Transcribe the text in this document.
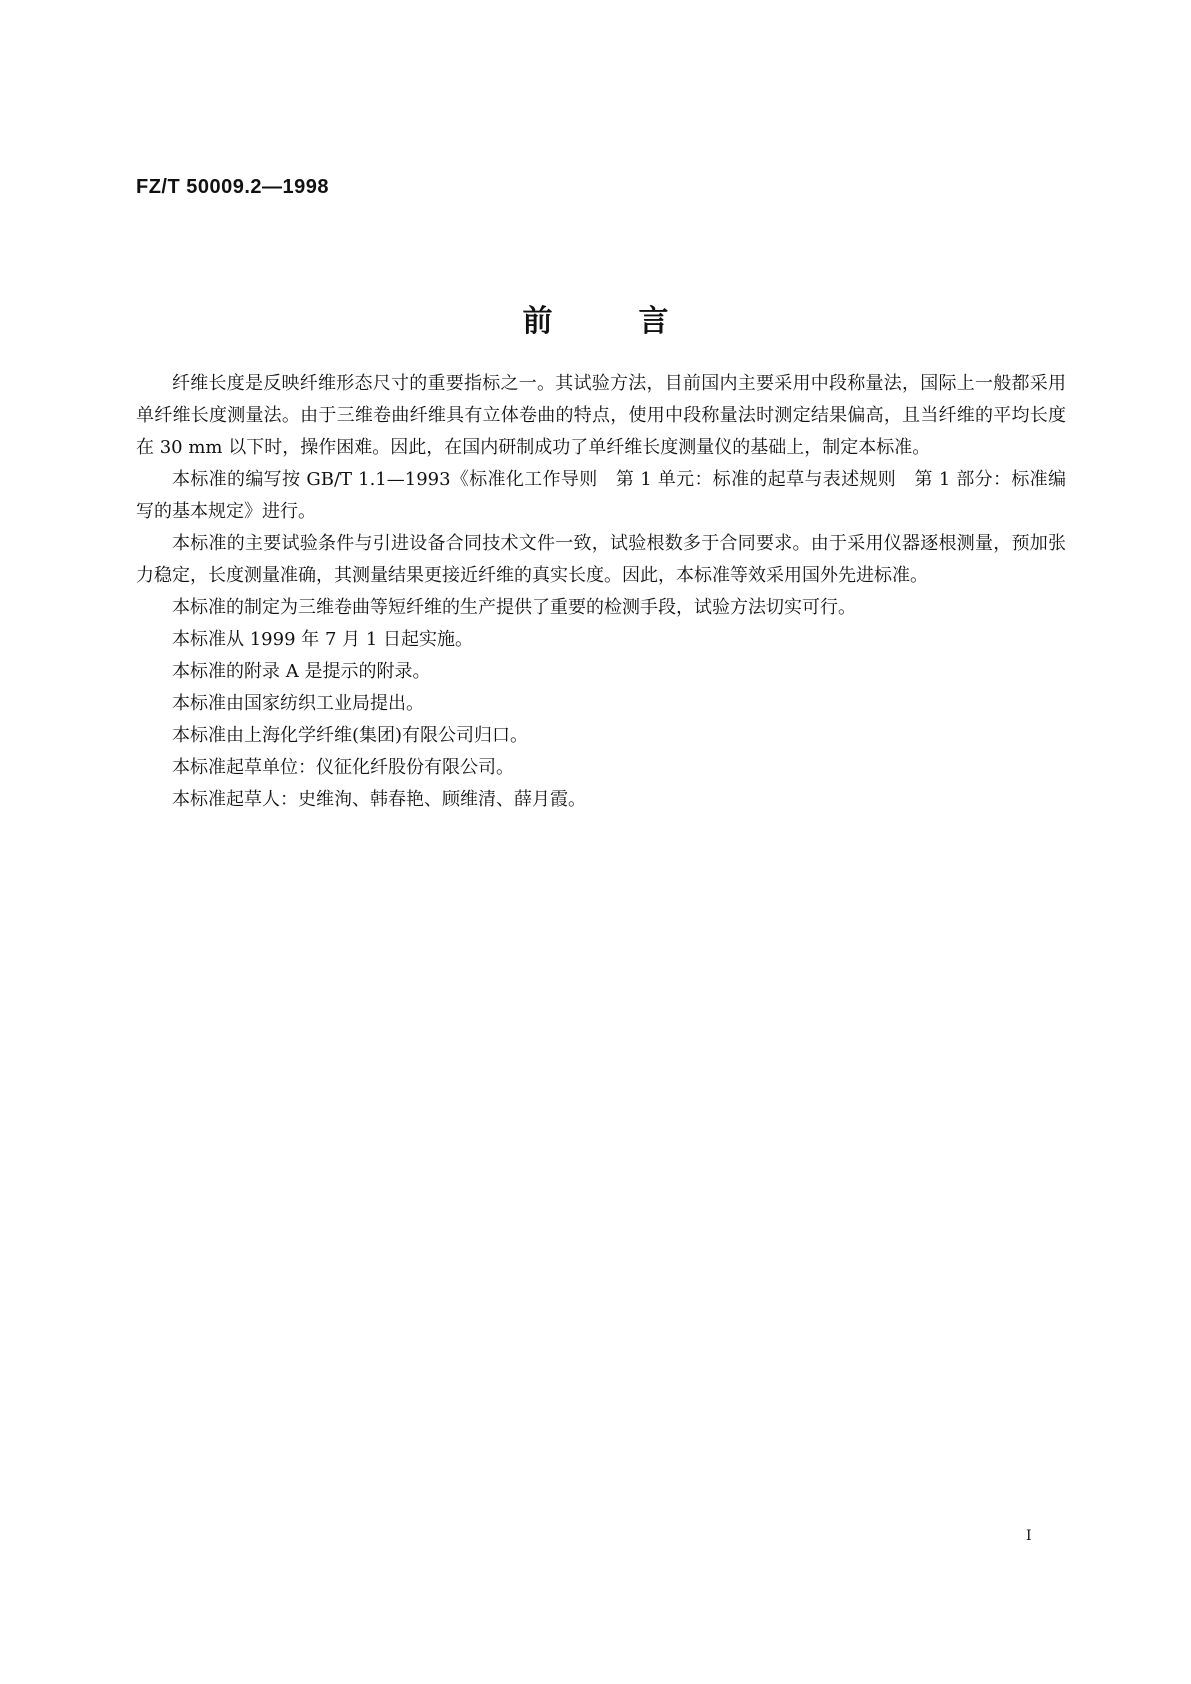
FZ/T 50009.2—1998
前言

纤维长度是反映纤维形态尺寸的重要指标之一。其试验方法，目前国内主要采用中段称量法，国际上一般都采用单纤维长度测量法。由于三维卷曲纤维具有立体卷曲的特点，使用中段称量法时测定结果偏高，且当纤维的平均长度在 30 mm 以下时，操作困难。因此，在国内研制成功了单纤维长度测量仪的基础上，制定本标准。

本标准的编写按 GB/T 1.1—1993《标准化工作导则　第 1 单元：标准的起草与表述规则　第 1 部分：标准编写的基本规定》进行。

本标准的主要试验条件与引进设备合同技术文件一致，试验根数多于合同要求。由于采用仪器逐根测量，预加张力稳定，长度测量准确，其测量结果更接近纤维的真实长度。因此，本标准等效采用国外先进标准。

本标准的制定为三维卷曲等短纤维的生产提供了重要的检测手段，试验方法切实可行。

本标准从 1999 年 7 月 1 日起实施。

本标准的附录 A 是提示的附录。

本标准由国家纺织工业局提出。

本标准由上海化学纤维(集团)有限公司归口。

本标准起草单位：仪征化纤股份有限公司。

本标准起草人：史维洵、韩春艳、顾维清、薛月霞。

I
